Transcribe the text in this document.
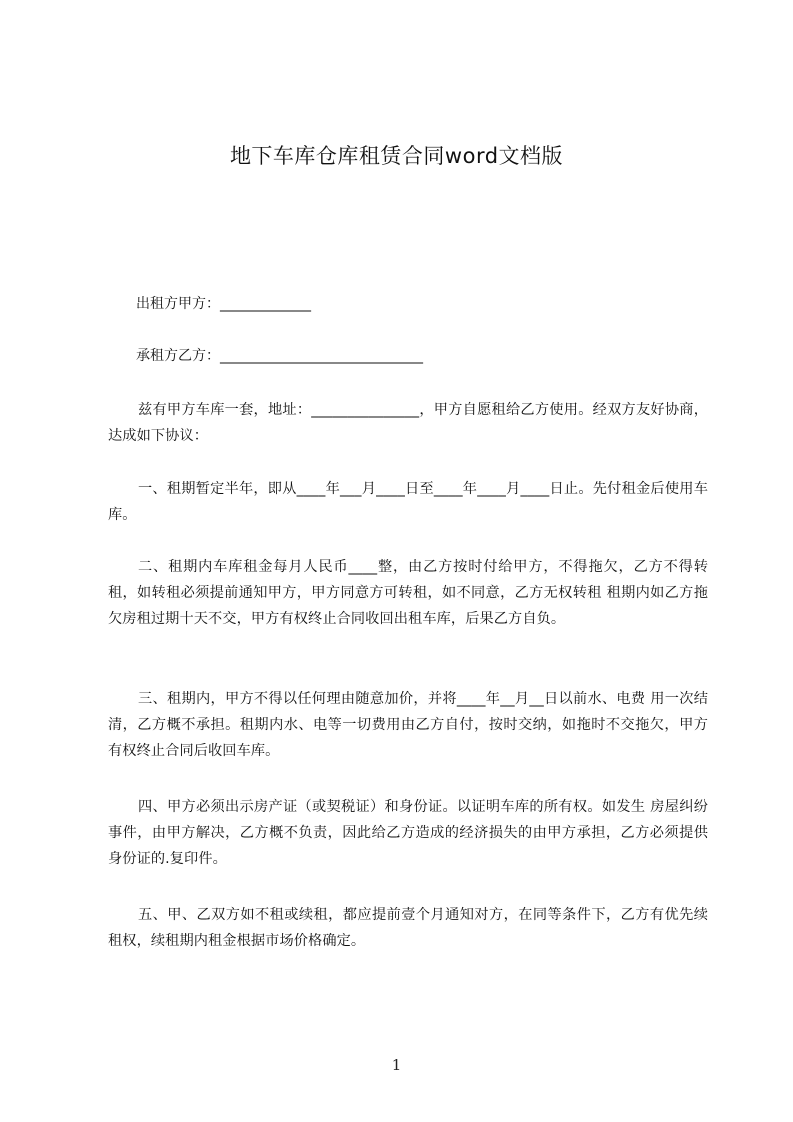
地下车库仓库租赁合同word文档版
出租方甲方：_____________
承租方乙方：_____________________________
兹有甲方车库一套，地址：_______________，甲方自愿租给乙方使用。经双方友好协商，达成如下协议：
一、租期暂定半年，即从____年___月____日至____年____月____日止。先付租金后使用车库。
二、租期内车库租金每月人民币____整，由乙方按时付给甲方，不得拖欠，乙方不得转租，如转租必须提前通知甲方，甲方同意方可转租，如不同意，乙方无权转租 租期内如乙方拖欠房租过期十天不交，甲方有权终止合同收回出租车库，后果乙方自负。
三、租期内，甲方不得以任何理由随意加价，并将____年__月__日以前水、电费 用一次结清，乙方概不承担。租期内水、电等一切费用由乙方自付，按时交纳，如拖时不交拖欠，甲方有权终止合同后收回车库。
四、甲方必须出示房产证（或契税证）和身份证。以证明车库的所有权。如发生 房屋纠纷事件，由甲方解决，乙方概不负责，因此给乙方造成的经济损失的由甲方承担，乙方必须提供身份证的.复印件。
五、甲、乙双方如不租或续租，都应提前壹个月通知对方，在同等条件下，乙方有优先续租权，续租期内租金根据市场价格确定。
1
